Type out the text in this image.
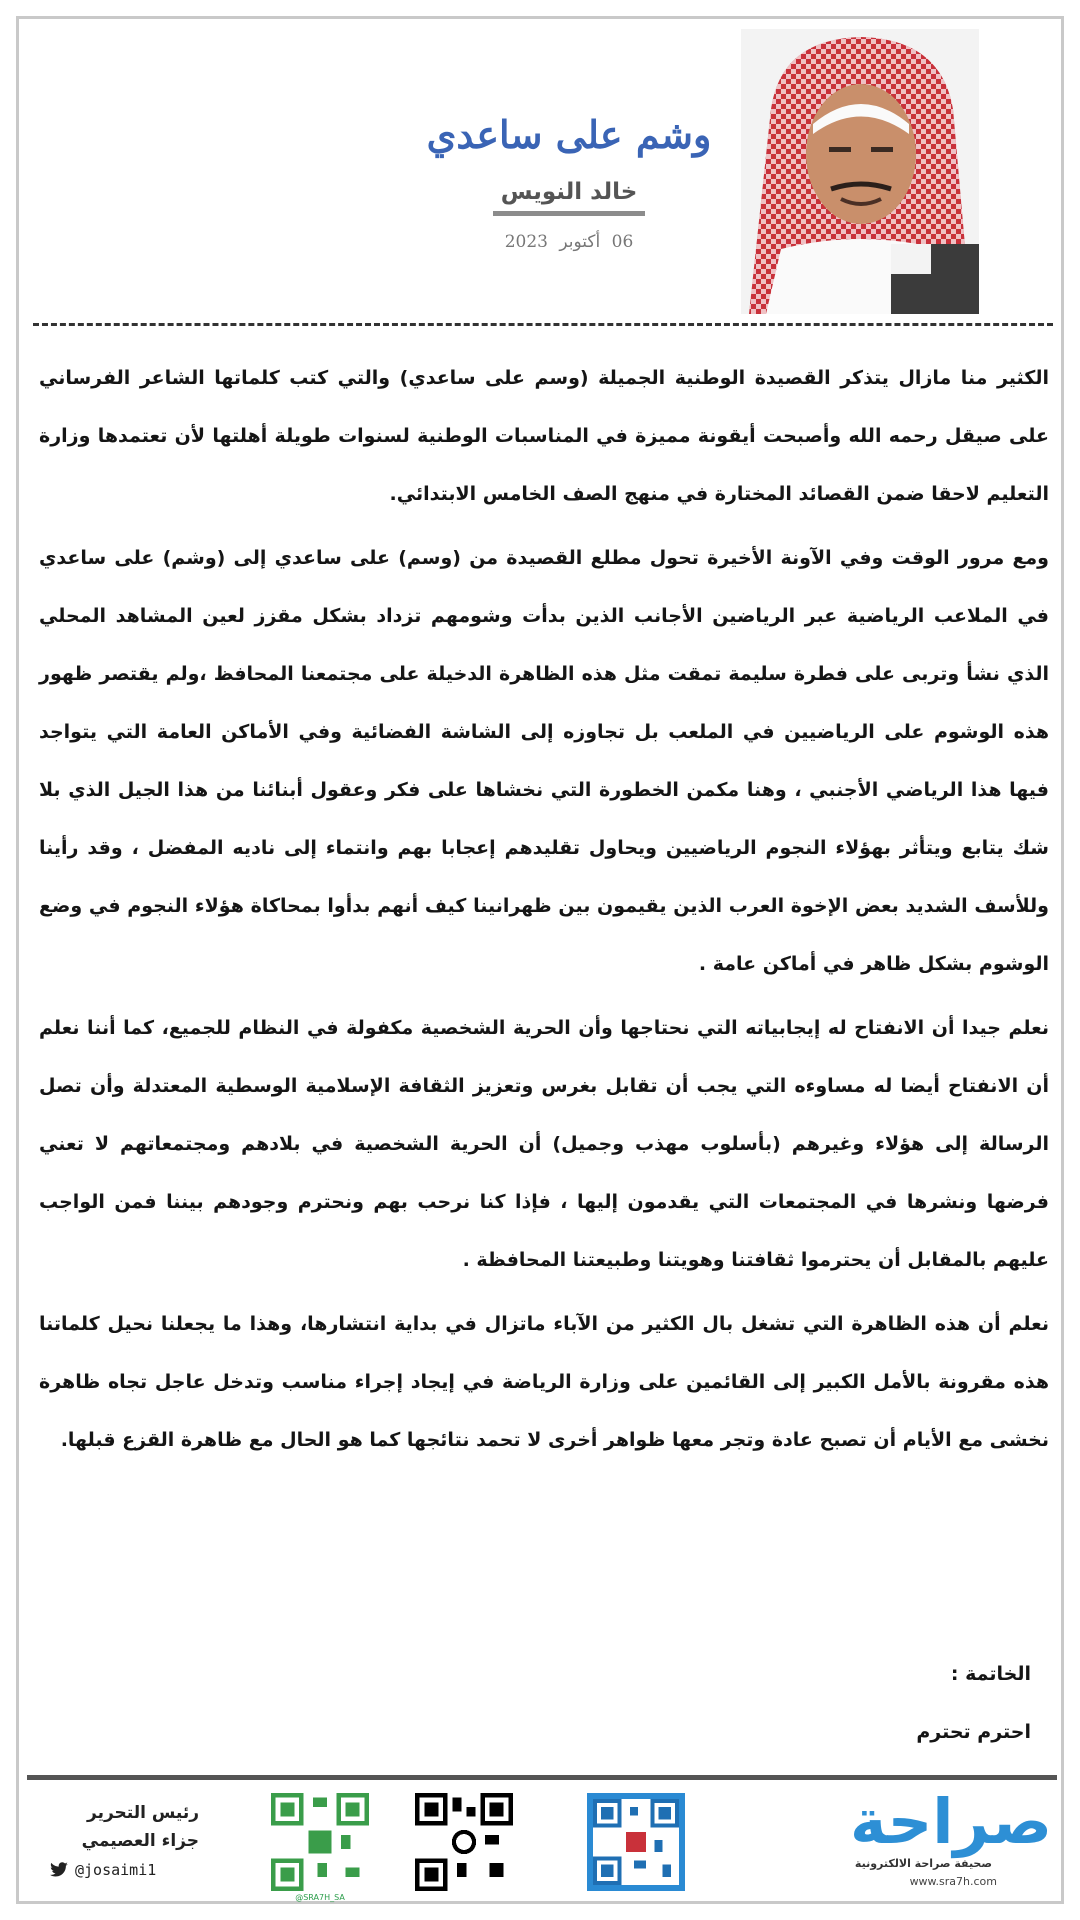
وشم على ساعدي
خالد النويس
06 أكتوبر 2023

الكثير منا مازال يتذكر القصيدة الوطنية الجميلة (وسم على ساعدي) والتي كتب كلماتها الشاعر الفرساني على صيقل رحمه الله وأصبحت أيقونة مميزة في المناسبات الوطنية لسنوات طويلة أهلتها لأن تعتمدها وزارة التعليم لاحقا ضمن القصائد المختارة في منهج الصف الخامس الابتدائي.

ومع مرور الوقت وفي الآونة الأخيرة تحول مطلع القصيدة من (وسم) على ساعدي إلى (وشم) على ساعدي في الملاعب الرياضية عبر الرياضين الأجانب الذين بدأت وشومهم تزداد بشكل مقزز لعين المشاهد المحلي الذي نشأ وتربى على فطرة سليمة تمقت مثل هذه الظاهرة الدخيلة على مجتمعنا المحافظ ،ولم يقتصر ظهور هذه الوشوم على الرياضيين في الملعب بل تجاوزه إلى الشاشة الفضائية وفي الأماكن العامة التي يتواجد فيها هذا الرياضي الأجنبي ، وهنا مكمن الخطورة التي نخشاها على فكر وعقول أبنائنا من هذا الجيل الذي بلا شك يتابع ويتأثر بهؤلاء النجوم الرياضيين ويحاول تقليدهم إعجابا بهم وانتماء إلى ناديه المفضل ، وقد رأينا وللأسف الشديد بعض الإخوة العرب الذين يقيمون بين ظهرانينا كيف أنهم بدأوا بمحاكاة هؤلاء النجوم في وضع الوشوم بشكل ظاهر في أماكن عامة .

نعلم جيدا أن الانفتاح له إيجابياته التي نحتاجها وأن الحرية الشخصية مكفولة في النظام للجميع، كما أننا نعلم أن الانفتاح أيضا له مساوءه التي يجب أن تقابل بغرس وتعزيز الثقافة الإسلامية الوسطية المعتدلة وأن تصل الرسالة إلى هؤلاء وغيرهم (بأسلوب مهذب وجميل) أن الحرية الشخصية في بلادهم ومجتمعاتهم لا تعني فرضها ونشرها في المجتمعات التي يقدمون إليها ، فإذا كنا نرحب بهم ونحترم وجودهم بيننا فمن الواجب عليهم بالمقابل أن يحترموا ثقافتنا وهويتنا وطبيعتنا المحافظة .

نعلم أن هذه الظاهرة التي تشغل بال الكثير من الآباء ماتزال في بداية انتشارها، وهذا ما يجعلنا نحيل كلماتنا هذه مقرونة بالأمل الكبير إلى القائمين على وزارة الرياضة في إيجاد إجراء مناسب وتدخل عاجل تجاه ظاهرة نخشى مع الأيام أن تصبح عادة وتجر معها ظواهر أخرى لا تحمد نتائجها كما هو الحال مع ظاهرة القزع قبلها.

الخاتمة :
احترم تحترم
صراحة
صحيفة صراحة الالكترونية
www.sra7h.com
@SRA7H_SA
رئيس التحرير
جزاء العصيمي
@josaimi1
